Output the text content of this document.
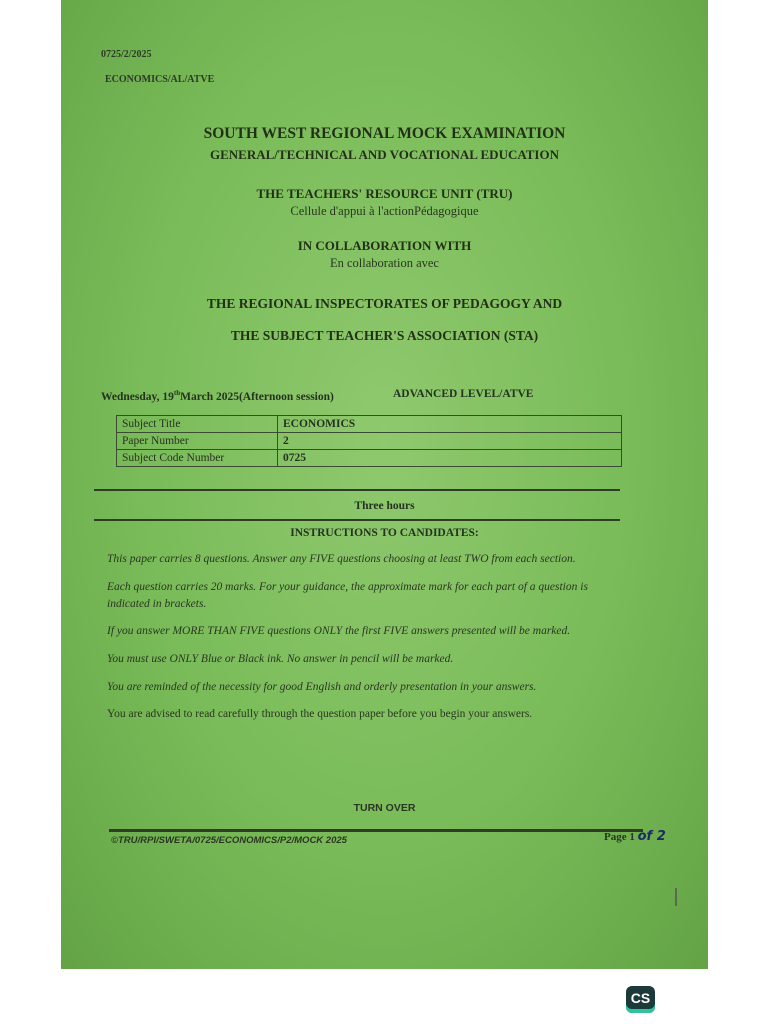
0725/2/2025
ECONOMICS/AL/ATVE
SOUTH WEST REGIONAL MOCK EXAMINATION
GENERAL/TECHNICAL AND VOCATIONAL EDUCATION
THE TEACHERS' RESOURCE UNIT (TRU)
Cellule d'appui à l'actionPédagogique
IN COLLABORATION WITH
En collaboration avec
THE REGIONAL INSPECTORATES OF PEDAGOGY AND
THE SUBJECT TEACHER'S ASSOCIATION (STA)
Wednesday, 19thMarch 2025(Afternoon session)	ADVANCED LEVEL/ATVE
Subject Title	ECONOMICS
Paper Number	2
Subject Code Number	0725
Three hours
INSTRUCTIONS TO CANDIDATES:
This paper carries 8 questions. Answer any FIVE questions choosing at least TWO from each section.
Each question carries 20 marks. For your guidance, the approximate mark for each part of a question is indicated in brackets.
If you answer MORE THAN FIVE questions ONLY the first FIVE answers presented will be marked.
You must use ONLY Blue or Black ink. No answer in pencil will be marked.
You are reminded of the necessity for good English and orderly presentation in your answers.
You are advised to read carefully through the question paper before you begin your answers.
TURN OVER
©TRU/RPI/SWETA/0725/ECONOMICS/P2/MOCK 2025	Page 1 of 2
CS
